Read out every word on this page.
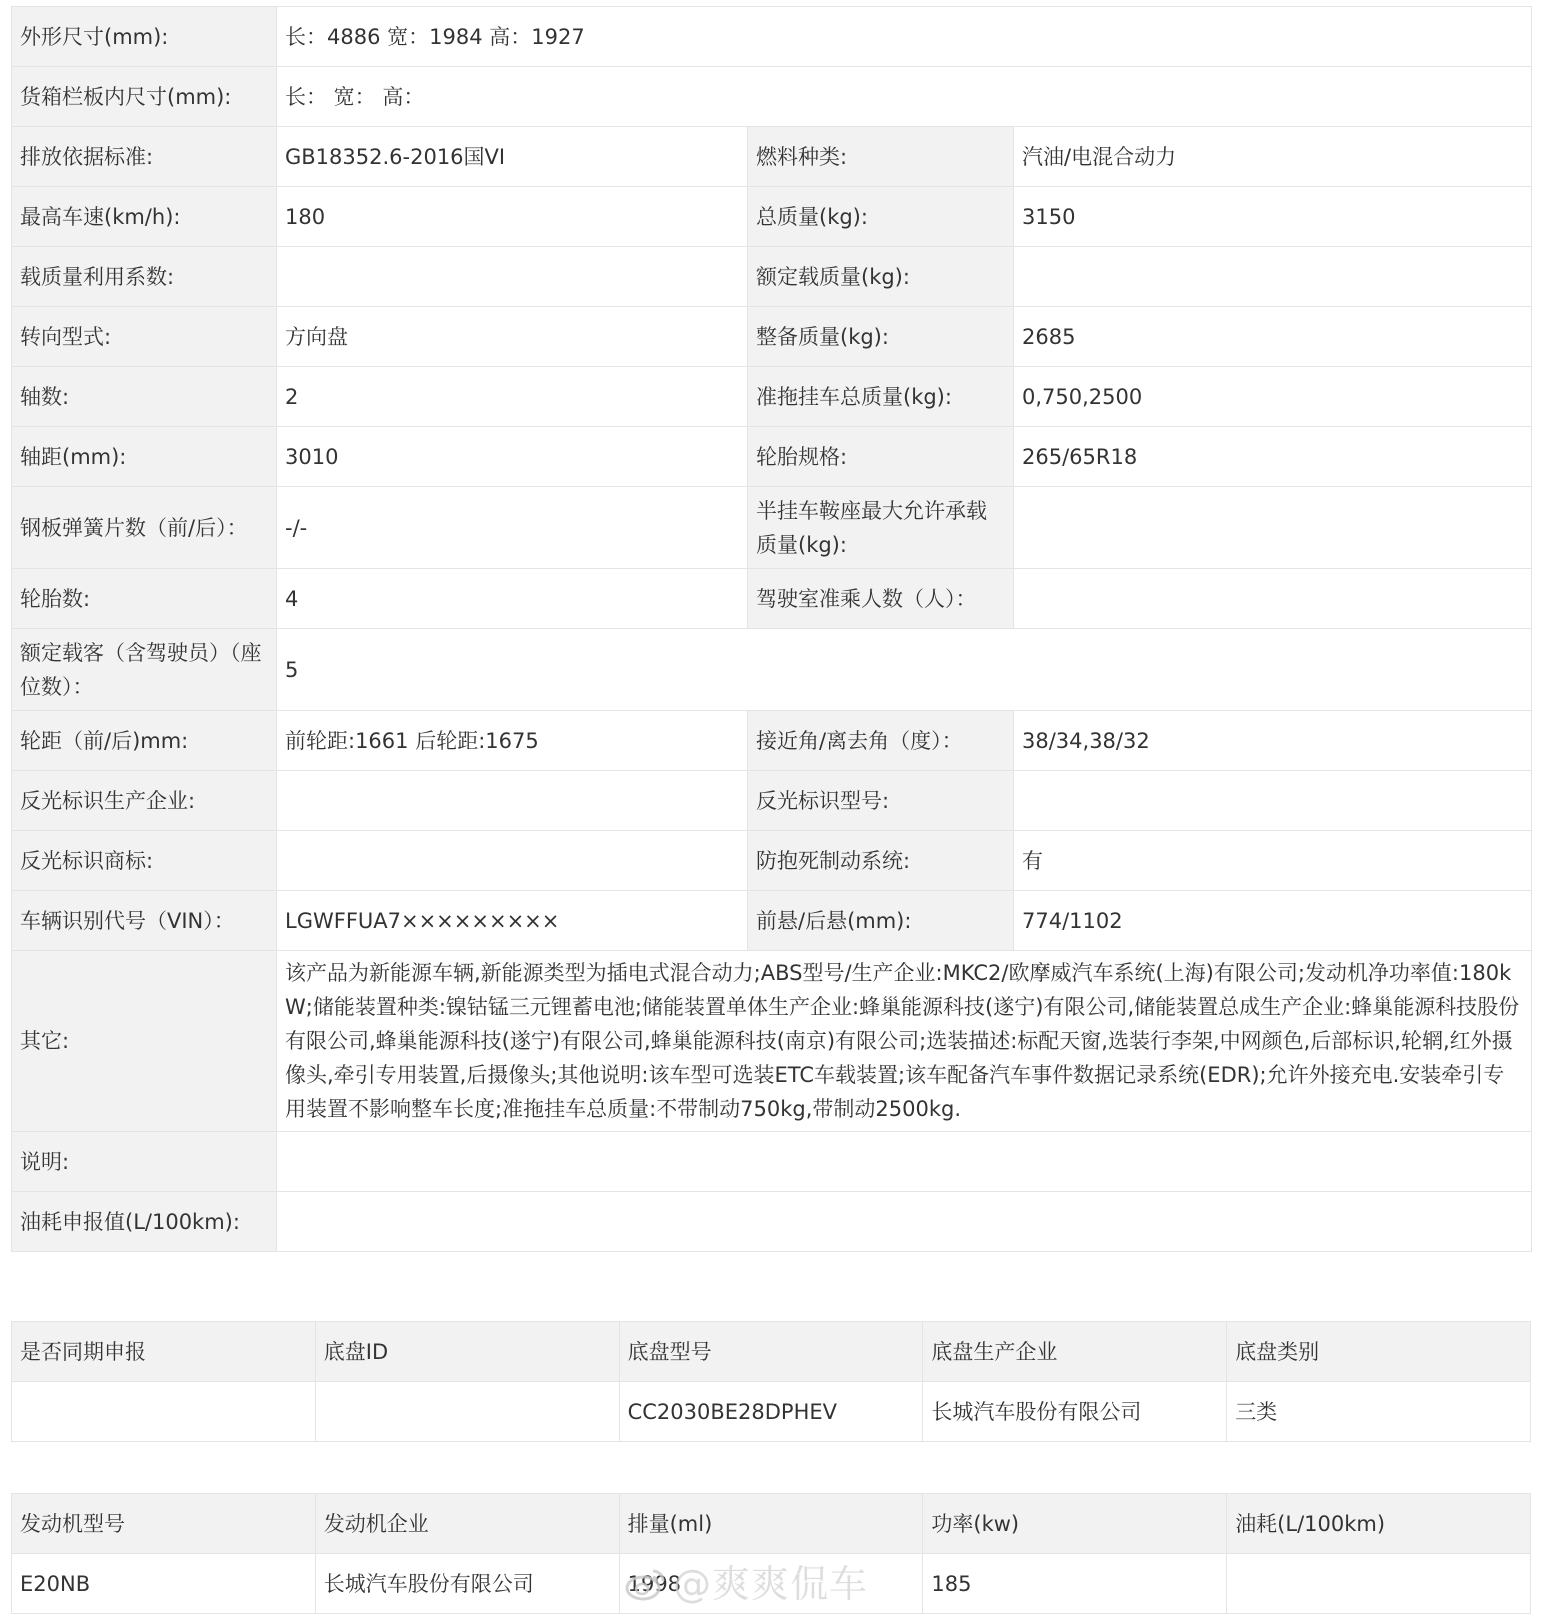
外形尺寸(mm):	长：4886 宽：1984 高：1927		
货箱栏板内尺寸(mm):	长： 宽： 高：		
排放依据标准:	GB18352.6-2016国VI	燃料种类:	汽油/电混合动力
最高车速(km/h):	180	总质量(kg):	3150
载质量利用系数:		额定载质量(kg):	
转向型式:	方向盘	整备质量(kg):	2685
轴数:	2	准拖挂车总质量(kg):	0,750,2500
轴距(mm):	3010	轮胎规格:	265/65R18
钢板弹簧片数（前/后）：	-/-	半挂车鞍座最大允许承载质量(kg):	
轮胎数:	4	驾驶室准乘人数（人）：	
额定载客（含驾驶员）（座位数）：	5		
轮距（前/后)mm:	前轮距:1661 后轮距:1675	接近角/离去角（度）：	38/34,38/32
反光标识生产企业:		反光标识型号:	
反光标识商标:		防抱死制动系统:	有
车辆识别代号（VIN）：	LGWFFUA7×××××××××	前悬/后悬(mm):	774/1102
其它:	该产品为新能源车辆,新能源类型为插电式混合动力;ABS型号/生产企业:MKC2/欧摩威汽车系统(上海)有限公司;发动机净功率值:180kW;储能装置种类:镍钴锰三元锂蓄电池;储能装置单体生产企业:蜂巢能源科技(遂宁)有限公司,储能装置总成生产企业:蜂巢能源科技股份有限公司,蜂巢能源科技(遂宁)有限公司,蜂巢能源科技(南京)有限公司;选装描述:标配天窗,选装行李架,中网颜色,后部标识,轮辋,红外摄像头,牵引专用装置,后摄像头;其他说明:该车型可选装ETC车载装置;该车配备汽车事件数据记录系统(EDR);允许外接充电.安装牵引专用装置不影响整车长度;准拖挂车总质量:不带制动750kg,带制动2500kg.		
说明:			
油耗申报值(L/100km):			
是否同期申报	底盘ID	底盘型号	底盘生产企业	底盘类别
		CC2030BE28DPHEV	长城汽车股份有限公司	三类
发动机型号	发动机企业	排量(ml)	功率(kw)	油耗(L/100km)
E20NB	长城汽车股份有限公司	1998	185	
@爽爽侃车
